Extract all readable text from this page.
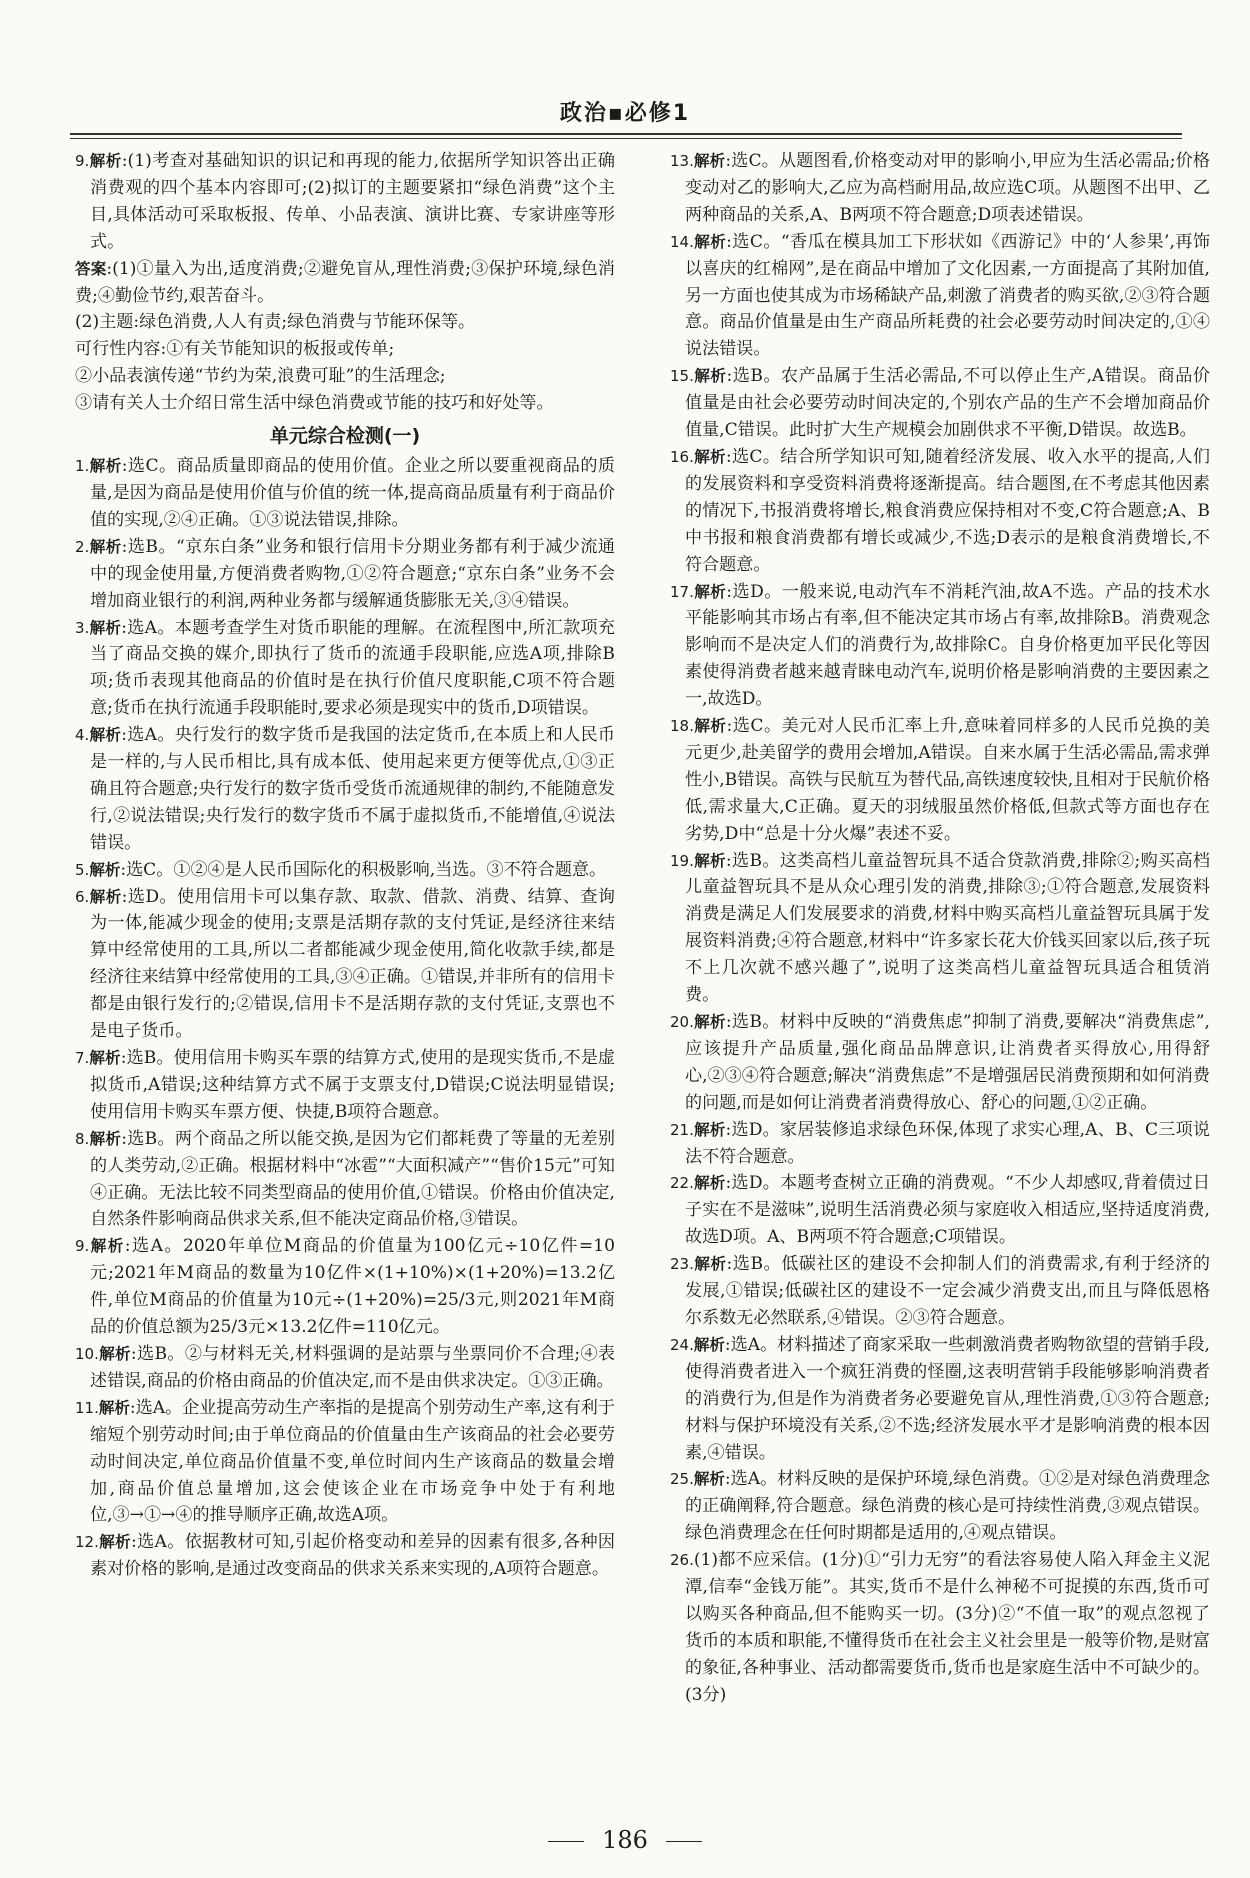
政治▪必修1

9.解析:(1)考查对基础知识的识记和再现的能力,依据所学知识答出正确消费观的四个基本内容即可;(2)拟订的主题要紧扣“绿色消费”这个主目,具体活动可采取板报、传单、小品表演、演讲比赛、专家讲座等形式。

答案:(1)①量入为出,适度消费;②避免盲从,理性消费;③保护环境,绿色消费;④勤俭节约,艰苦奋斗。

(2)主题:绿色消费,人人有责;绿色消费与节能环保等。

可行性内容:①有关节能知识的板报或传单;

②小品表演传递“节约为荣,浪费可耻”的生活理念;

③请有关人士介绍日常生活中绿色消费或节能的技巧和好处等。

单元综合检测(一)

1.解析:选C。商品质量即商品的使用价值。企业之所以要重视商品的质量,是因为商品是使用价值与价值的统一体,提高商品质量有利于商品价值的实现,②④正确。①③说法错误,排除。

2.解析:选B。“京东白条”业务和银行信用卡分期业务都有利于减少流通中的现金使用量,方便消费者购物,①②符合题意;“京东白条”业务不会增加商业银行的利润,两种业务都与缓解通货膨胀无关,③④错误。

3.解析:选A。本题考查学生对货币职能的理解。在流程图中,所汇款项充当了商品交换的媒介,即执行了货币的流通手段职能,应选A项,排除B项;货币表现其他商品的价值时是在执行价值尺度职能,C项不符合题意;货币在执行流通手段职能时,要求必须是现实中的货币,D项错误。

4.解析:选A。央行发行的数字货币是我国的法定货币,在本质上和人民币是一样的,与人民币相比,具有成本低、使用起来更方便等优点,①③正确且符合题意;央行发行的数字货币受货币流通规律的制约,不能随意发行,②说法错误;央行发行的数字货币不属于虚拟货币,不能增值,④说法错误。

5.解析:选C。①②④是人民币国际化的积极影响,当选。③不符合题意。

6.解析:选D。使用信用卡可以集存款、取款、借款、消费、结算、查询为一体,能减少现金的使用;支票是活期存款的支付凭证,是经济往来结算中经常使用的工具,所以二者都能减少现金使用,简化收款手续,都是经济往来结算中经常使用的工具,③④正确。①错误,并非所有的信用卡都是由银行发行的;②错误,信用卡不是活期存款的支付凭证,支票也不是电子货币。

7.解析:选B。使用信用卡购买车票的结算方式,使用的是现实货币,不是虚拟货币,A错误;这种结算方式不属于支票支付,D错误;C说法明显错误;使用信用卡购买车票方便、快捷,B项符合题意。

8.解析:选B。两个商品之所以能交换,是因为它们都耗费了等量的无差别的人类劳动,②正确。根据材料中“冰雹”“大面积减产”“售价15元”可知④正确。无法比较不同类型商品的使用价值,①错误。价格由价值决定,自然条件影响商品供求关系,但不能决定商品价格,③错误。

9.解析:选A。2020年单位M商品的价值量为100亿元÷10亿件=10元;2021年M商品的数量为10亿件×(1+10%)×(1+20%)=13.2亿件,单位M商品的价值量为10元÷(1+20%)=25/3元,则2021年M商品的价值总额为25/3元×13.2亿件=110亿元。

10.解析:选B。②与材料无关,材料强调的是站票与坐票同价不合理;④表述错误,商品的价格由商品的价值决定,而不是由供求决定。①③正确。

11.解析:选A。企业提高劳动生产率指的是提高个别劳动生产率,这有利于缩短个别劳动时间;由于单位商品的价值量由生产该商品的社会必要劳动时间决定,单位商品价值量不变,单位时间内生产该商品的数量会增加,商品价值总量增加,这会使该企业在市场竞争中处于有利地位,③→①→④的推导顺序正确,故选A项。

12.解析:选A。依据教材可知,引起价格变动和差异的因素有很多,各种因素对价格的影响,是通过改变商品的供求关系来实现的,A项符合题意。

13.解析:选C。从题图看,价格变动对甲的影响小,甲应为生活必需品;价格变动对乙的影响大,乙应为高档耐用品,故应选C项。从题图不出甲、乙两种商品的关系,A、B两项不符合题意;D项表述错误。

14.解析:选C。“香瓜在模具加工下形状如《西游记》中的‘人参果’,再饰以喜庆的红棉网”,是在商品中增加了文化因素,一方面提高了其附加值,另一方面也使其成为市场稀缺产品,刺激了消费者的购买欲,②③符合题意。商品价值量是由生产商品所耗费的社会必要劳动时间决定的,①④说法错误。

15.解析:选B。农产品属于生活必需品,不可以停止生产,A错误。商品价值量是由社会必要劳动时间决定的,个别农产品的生产不会增加商品价值量,C错误。此时扩大生产规模会加剧供求不平衡,D错误。故选B。

16.解析:选C。结合所学知识可知,随着经济发展、收入水平的提高,人们的发展资料和享受资料消费将逐渐提高。结合题图,在不考虑其他因素的情况下,书报消费将增长,粮食消费应保持相对不变,C符合题意;A、B中书报和粮食消费都有增长或减少,不选;D表示的是粮食消费增长,不符合题意。

17.解析:选D。一般来说,电动汽车不消耗汽油,故A不选。产品的技术水平能影响其市场占有率,但不能决定其市场占有率,故排除B。消费观念影响而不是决定人们的消费行为,故排除C。自身价格更加平民化等因素使得消费者越来越青睐电动汽车,说明价格是影响消费的主要因素之一,故选D。

18.解析:选C。美元对人民币汇率上升,意味着同样多的人民币兑换的美元更少,赴美留学的费用会增加,A错误。自来水属于生活必需品,需求弹性小,B错误。高铁与民航互为替代品,高铁速度较快,且相对于民航价格低,需求量大,C正确。夏天的羽绒服虽然价格低,但款式等方面也存在劣势,D中“总是十分火爆”表述不妥。

19.解析:选B。这类高档儿童益智玩具不适合贷款消费,排除②;购买高档儿童益智玩具不是从众心理引发的消费,排除③;①符合题意,发展资料消费是满足人们发展要求的消费,材料中购买高档儿童益智玩具属于发展资料消费;④符合题意,材料中“许多家长花大价钱买回家以后,孩子玩不上几次就不感兴趣了”,说明了这类高档儿童益智玩具适合租赁消费。

20.解析:选B。材料中反映的“消费焦虑”抑制了消费,要解决“消费焦虑”,应该提升产品质量,强化商品品牌意识,让消费者买得放心,用得舒心,②③④符合题意;解决“消费焦虑”不是增强居民消费预期和如何消费的问题,而是如何让消费者消费得放心、舒心的问题,①②正确。

21.解析:选D。家居装修追求绿色环保,体现了求实心理,A、B、C三项说法不符合题意。

22.解析:选D。本题考查树立正确的消费观。“不少人却感叹,背着债过日子实在不是滋味”,说明生活消费必须与家庭收入相适应,坚持适度消费,故选D项。A、B两项不符合题意;C项错误。

23.解析:选B。低碳社区的建设不会抑制人们的消费需求,有利于经济的发展,①错误;低碳社区的建设不一定会减少消费支出,而且与降低恩格尔系数无必然联系,④错误。②③符合题意。

24.解析:选A。材料描述了商家采取一些刺激消费者购物欲望的营销手段,使得消费者进入一个疯狂消费的怪圈,这表明营销手段能够影响消费者的消费行为,但是作为消费者务必要避免盲从,理性消费,①③符合题意;材料与保护环境没有关系,②不选;经济发展水平才是影响消费的根本因素,④错误。

25.解析:选A。材料反映的是保护环境,绿色消费。①②是对绿色消费理念的正确阐释,符合题意。绿色消费的核心是可持续性消费,③观点错误。绿色消费理念在任何时期都是适用的,④观点错误。

26.(1)都不应采信。(1分)①“引力无穷”的看法容易使人陷入拜金主义泥潭,信奉“金钱万能”。其实,货币不是什么神秘不可捉摸的东西,货币可以购买各种商品,但不能购买一切。(3分)②“不值一取”的观点忽视了货币的本质和职能,不懂得货币在社会主义社会里是一般等价物,是财富的象征,各种事业、活动都需要货币,货币也是家庭生活中不可缺少的。(3分)

186
